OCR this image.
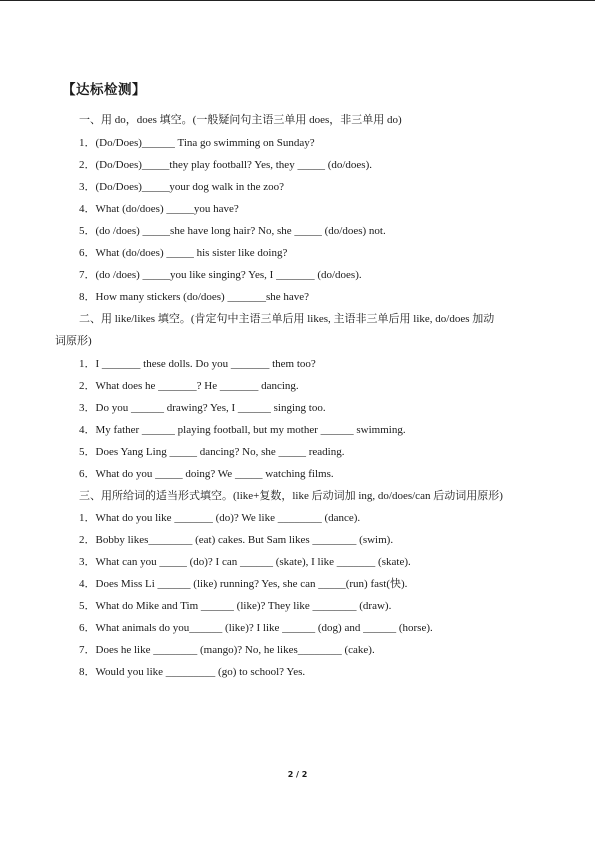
【达标检测】
一、用 do，does 填空。(一般疑问句主语三单用 does，非三单用 do)
1．(Do/Does)______ Tina go swimming on Sunday?
2．(Do/Does)_____they play football? Yes, they _____ (do/does).
3．(Do/Does)_____your dog walk in the zoo?
4．What (do/does) _____you have?
5．(do /does) _____she have long hair? No, she _____ (do/does) not.
6．What (do/does) _____ his sister like doing?
7．(do /does) _____you like singing? Yes, I _______ (do/does).
8．How many stickers (do/does) _______she have?
二、用 like/likes 填空。(肯定句中主语三单后用 likes, 主语非三单后用 like, do/does 加动
词原形)
1．I _______ these dolls. Do you _______ them too?
2．What does he _______? He _______ dancing.
3．Do you ______ drawing? Yes, I ______ singing too.
4．My father ______ playing football, but my mother ______ swimming.
5．Does Yang Ling _____ dancing? No, she _____ reading.
6．What do you _____ doing? We _____ watching films.
三、用所给词的适当形式填空。(like+复数，like 后动词加 ing, do/does/can 后动词用原形)
1．What do you like _______ (do)? We like ________ (dance).
2．Bobby likes________ (eat) cakes. But Sam likes ________ (swim).
3．What can you _____ (do)? I can ______ (skate), I like _______ (skate).
4．Does Miss Li ______ (like) running? Yes, she can _____(run) fast(快).
5．What do Mike and Tim ______ (like)? They like ________ (draw).
6．What animals do you______ (like)? I like ______ (dog) and ______ (horse).
7．Does he like ________ (mango)? No, he likes________ (cake).
8．Would you like _________ (go) to school? Yes.
2 / 2
